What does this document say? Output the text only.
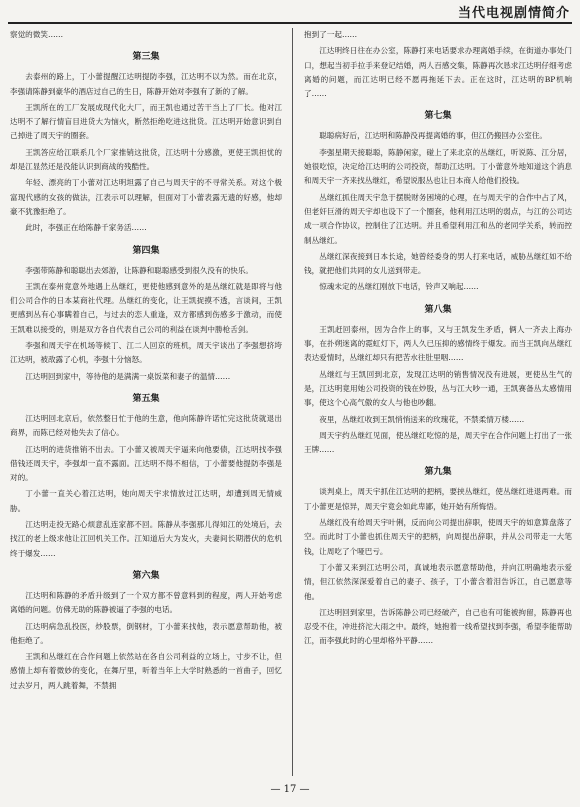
当代电视剧情简介

察觉的微笑……

第三集

去泰州的路上，丁小蕾提醒江达明提防李强，江达明不以为然。而在北京，李强请陈静到豪华的酒店过自己的生日，陈静开始对李强有了新的了解。

王凯所在的工厂发展成现代化大厂，而王凯也通过苦干当上了厂长。他对江达明不了解行情盲目进货大为恼火，断然拒绝吃进这批货。江达明开始意识到自己掉进了周天宇的圈套。

王凯答应给江联系几个厂家推销这批货，江达明十分感激，更使王凯担忧的却是江显然还是没能认识到商战的残酷性。

年轻、漂亮的丁小蕾对江达明坦露了自己与周天宇的不寻常关系。对这个极富现代感的女孩的做法，江表示可以理解，但面对丁小蕾表露无遗的好感，他却豪不犹豫拒绝了。

此时，李强正在给陈静千家务活……

第四集

李强带陈静和聪聪出去郊游，让陈静和聪聪感受到很久没有的快乐。

王凯在泰州竟意外地遇上丛继红，更使他感到意外的是丛继红就是即将与他们公司合作的日本某商社代理。丛继红的变化，让王凯捉摸不透，言谈间，王凯更感到丛有心事瞒着自己，与过去的恋人重逢，双方都感到伤感多于激动，而使王凯难以接受的，则是双方各自代表自己公司的利益在谈判中勝枪舌剑。

李强和周天宇在机场等候丁、江二人回京的班机，周天宇谈出了李强想挤垮江达明，被敌露了心机，李强十分恼怒。

江达明回到家中，等待他的是满满一桌饭菜和妻子的温情……

第五集

江达明回北京后，依然整日忙于他的生意，他向陈静许诺忙完这批货就退出商界，而陈已经对他失去了信心。

江达明的进货推销不出去。丁小蕾又被周天宇逼来向他要债，江达明找李强借钱还周天宇，李强却一直不露面。江达明不得不相信，丁小蕾要他提防李强是对的。

丁小蕾一直关心着江达明，她向周天宇求情放过江达明，却遭到周无情威胁。

江达明走投无路心烦意乱连家都不回。陈静从李强那儿得知江的处境后，去找江的老上级求他让江回机关工作。江知道后大为发火，夫妻间长期潜伏的危机终于爆发……

第六集

江达明和陈静的矛盾升级到了一个双方都不曾意料到的程度，两人开始考虑离婚的问题。仿佛无助的陈静被逼了李强的电话。

江达明病急乱投医，炒股票，倒钢材，丁小蕾来找他，表示愿意帮助他，被他拒绝了。

王凯和丛继红在合作问题上依然站在各自公司利益的立场上，寸步不让，但感情上却有着微妙的变化，在舞厅里，听着当年上大学时熟悉的一首曲子，回忆过去岁月，两人跳着舞，不禁拥

抱到了一起……

江达明终日往在办公室，陈静打来电话要求办理离婚手续，在街道办事处门口，想起当初手拉手来登记结婚，两人百感交集，陈静再次恳求江达明仔细考虑离婚的问题，而江达明已经不愿再拖延下去。正在这时，江达明的BP机响了……

第七集

聪聪病好后，江达明和陈静没再提离婚的事，但江仍搬回办公室住。

李强星期天接聪聪，陈静闲家，碰上了来北京的丛继红，听说陈、江分居，她很吃惊，决定给江达明的公司投资，帮助江达明。丁小蕾意外地知道这个消息和周天宇一齐来找丛继红，希望说服丛也让日本商人给他们投钱。

丛继红抓住周天宇急于摆脱财务困境的心理，在与周天宇的合作中占了风，但老奸巨滑的周天宇却也设下了一个圈套，他利用江达明的弱点，与江的公司达成一项合作协议，控制住了江达明。并且希望利用江和丛的老同学关系，转而控制丛继红。

丛继红深夜接到日本长途，她曾经委身的男人打来电话，威胁丛继红如不给钱，就把他们共同的女儿送到带走。

惊魂未定的丛继红刚放下电话，铃声又响起……

第八集

王凯赶回泰州，因为合作上的事，又与王凯发生矛盾，俩人一齐去上海办事，在扑朔迷离的霓虹灯下，两人久已压抑的感情终于爆发。而当王凯向丛继红表达爱情时，丛继红却只有把苦水往肚里咽……

丛继红与王凯回到北京，发现江达明的销售情况没有进展，更使丛生气的是，江达明竟用她公司投资的钱在炒股，丛与江大吵一通，王凯赛备丛太感情用事，使这个心高气傲的女人与他也吵翻。

夜里，丛继红收到王凯悄悄送来的玫瑰花，不禁柔情万楼……

周天宇约丛继红见面，使丛继红吃惊的是，周天宇在合作问题上打出了一张王牌……

第九集

谈判桌上，周天宇抓住江达明的把柄，要挟丛继红，使丛继红进退两难。而丁小蕾更是惊异，周天宇竟会如此卑鄙，她开始有所悔悟。

丛继红没有给周天宇叶俐，反而向公司提出辞职，使周天宇的如意算盘落了空。而此时丁小蕾也抓住周天宇的把柄，向周提出辞职，并从公司带走一大笔钱，让周吃了个哑巴亏。

丁小蕾又来到江达明公司，真诚地表示愿意帮助他，并向江明确地表示爱情，但江依然深深爱着自己的妻子、孩子，丁小蕾含着泪告诉江，自己愿意等他。

江达明回到家里，告诉陈静公司已经破产，自己也有可能被拘留，陈静再也忍受不住，冲进挤沱大雨之中。最终，她抱着一线希望找到李强，希望李能帮助江，而李强此时的心里却格外平静……

— 17 —
